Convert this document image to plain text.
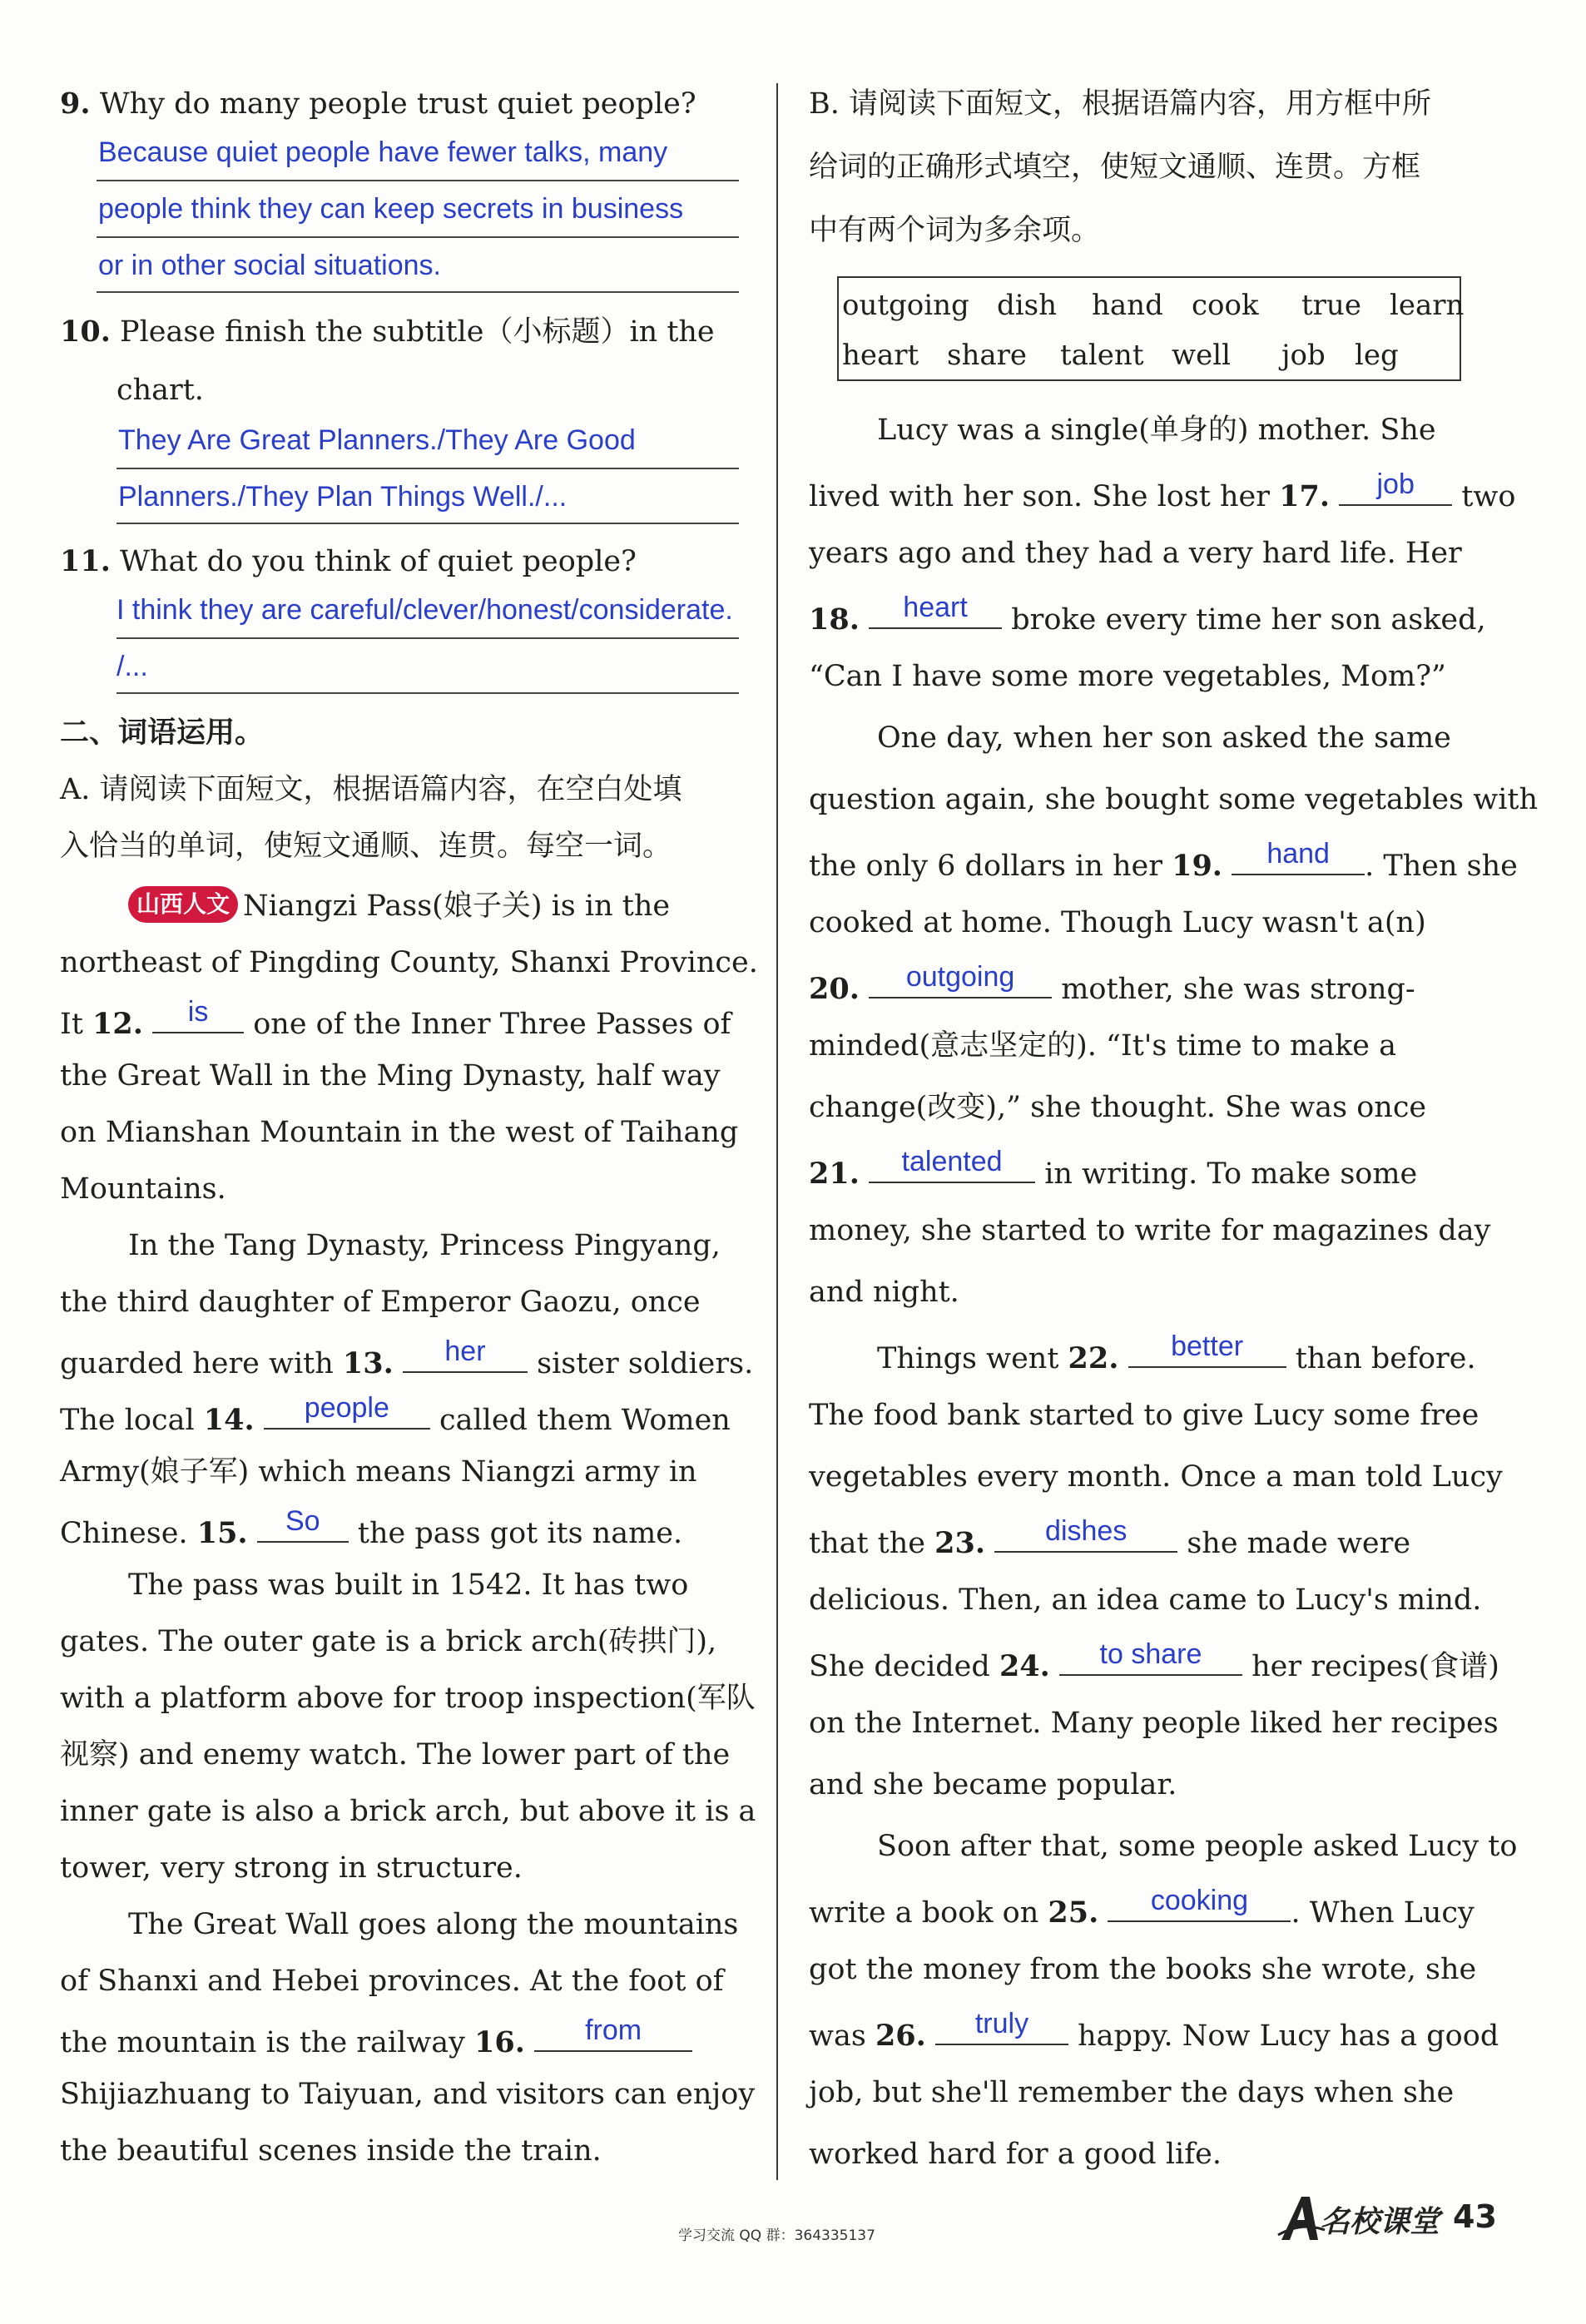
9. Why do many people trust quiet people?
Because quiet people have fewer talks, many
people think they can keep secrets in business
or in other social situations.
10. Please finish the subtitle（小标题）in the
chart.
They Are Great Planners./They Are Good
Planners./They Plan Things Well./...
11. What do you think of quiet people?
I think they are careful/clever/honest/considerate.
/...
二、词语运用。
A. 请阅读下面短文，根据语篇内容，在空白处填
入恰当的单词，使短文通顺、连贯。每空一词。
山西人文 Niangzi Pass(娘子关) is in the
northeast of Pingding County, Shanxi Province.
It 12.	is	one of the Inner Three Passes of
the Great Wall in the Ming Dynasty, half way
on Mianshan Mountain in the west of Taihang
Mountains.
In the Tang Dynasty, Princess Pingyang,
the third daughter of Emperor Gaozu, once
guarded here with 13.	her	sister soldiers.
The local 14.	people	called them Women
Army(娘子军) which means Niangzi army in
Chinese. 15.	So	the pass got its name.
The pass was built in 1542. It has two
gates. The outer gate is a brick arch(砖拱门),
with a platform above for troop inspection(军队
视察) and enemy watch. The lower part of the
inner gate is also a brick arch, but above it is a
tower, very strong in structure.
The Great Wall goes along the mountains
of Shanxi and Hebei provinces. At the foot of
the mountain is the railway 16.	from
Shijiazhuang to Taiyuan, and visitors can enjoy
the beautiful scenes inside the train.
B. 请阅读下面短文，根据语篇内容，用方框中所
给词的正确形式填空，使短文通顺、连贯。方框
中有两个词为多余项。
outgoing dish hand cook true learn
heart share talent well job leg
Lucy was a single(单身的) mother. She
lived with her son. She lost her 17.	job	two
years ago and they had a very hard life. Her
18.	heart	broke every time her son asked,
“Can I have some more vegetables, Mom?”
One day, when her son asked the same
question again, she bought some vegetables with
the only 6 dollars in her 19.	hand	. Then she
cooked at home. Though Lucy wasn't a(n)
20.	outgoing	mother, she was strong-
minded(意志坚定的). “It's time to make a
change(改变),” she thought. She was once
21.	talented	in writing. To make some
money, she started to write for magazines day
and night.
Things went 22.	better	than before.
The food bank started to give Lucy some free
vegetables every month. Once a man told Lucy
that the 23.	dishes	she made were
delicious. Then, an idea came to Lucy's mind.
She decided 24.	to share	her recipes(食谱)
on the Internet. Many people liked her recipes
and she became popular.
Soon after that, some people asked Lucy to
write a book on 25.	cooking	. When Lucy
got the money from the books she wrote, she
was 26.	truly	happy. Now Lucy has a good
job, but she'll remember the days when she
worked hard for a good life.
学习交流 QQ 群：364335137	名校课堂 43
